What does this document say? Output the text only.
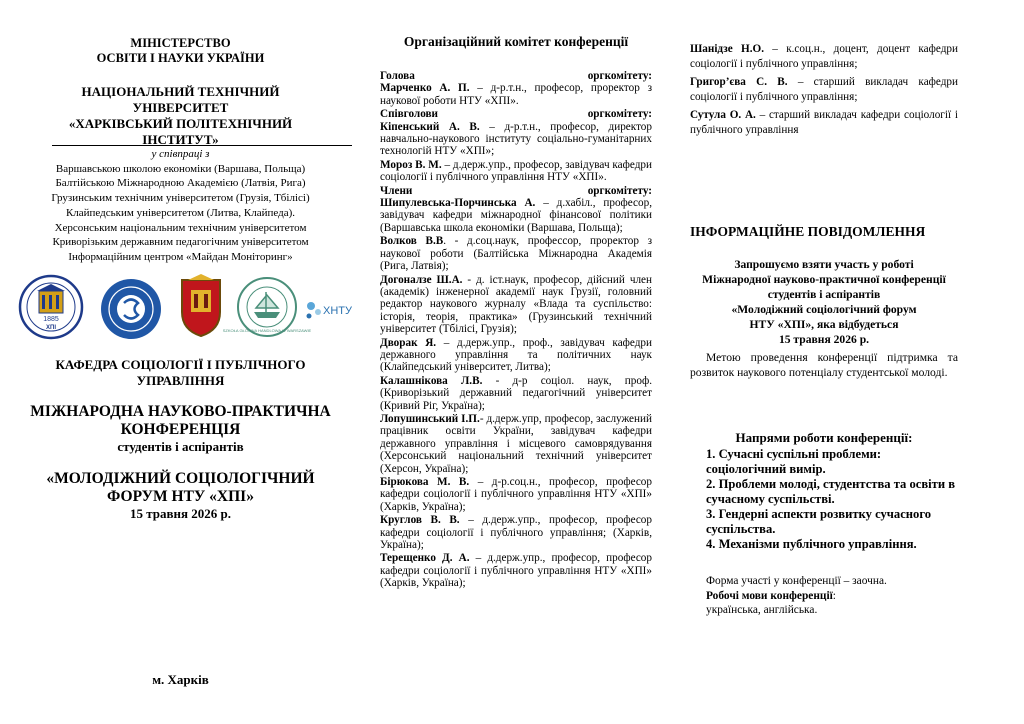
МІНІСТЕРСТВО
ОСВІТИ І НАУКИ УКРАЇНИ
НАЦІОНАЛЬНИЙ ТЕХНІЧНИЙ
УНІВЕРСИТЕТ
«ХАРКІВСЬКИЙ ПОЛІТЕХНІЧНИЙ
ІНСТИТУТ»
у співпраці з
Варшавською школою економіки (Варшава, Польща)
Балтійською Міжнародною Академією (Латвія, Рига)
Грузинським технічним університетом (Грузія, Тбілісі)
Клайпедським університетом (Литва, Клайпеда).
Херсонським національним технічним університетом
Криворізьким державним педагогічним університетом
Інформаційним центром «Майдан Моніторинг»
1885
ХПІ	SZKOŁA GŁÓWNA HANDLOWA W WARSZAWIE
ХНТУ
КАФЕДРА СОЦІОЛОГІЇ І ПУБЛІЧНОГО
УПРАВЛІННЯ
МІЖНАРОДНА НАУКОВО-ПРАКТИЧНА
КОНФЕРЕНЦІЯ
студентів і аспірантів
«МОЛОДІЖНИЙ СОЦІОЛОГІЧНИЙ
ФОРУМ НТУ «ХПІ»
15 травня 2026 р.
м. Харків
Організаційний комітет конференції
Голова	оргкомітету:

Марченко А. П. – д-р.т.н., професор, проректор з наукової роботи НТУ «ХПІ».

Співголови	оргкомітету:

Кіпенський А. В. – д-р.т.н., професор, директор навчально-наукового інституту соціально-гуманітарних технологій НТУ «ХПІ»;

Мороз В. М. – д.держ.упр., професор, завідувач кафедри соціології і публічного управління НТУ «ХПІ».

Члени	оргкомітету:

Шипулевська-Порчинська А. – д.хабіл., професор, завідувач кафедри міжнародної фінансової політики (Варшавська школа економіки (Варшава, Польща);

Волков В.В. - д.соц.наук, профессор, проректор з наукової роботи (Балтійська Міжнародна Академія (Рига, Латвія);

Догоналзе Ш.А. - д. іст.наук, професор, дійсний член (академік) інженерної академії наук Грузії, головний редактор наукового журналу «Влада та суспільство: історія, теорія, практика» (Грузинський технічний університет (Тбілісі, Грузія);

Дворак Я. – д.держ.упр., проф., завідувач кафедри державного управління та політичних наук (Клайпедський університет, Литва);

Калашнікова Л.В. - д-р соціол. наук, проф. (Криворізький державний педагогічний університет (Кривий Ріг, Україна);

Лопушинський І.П.- д.держ.упр, професор, заслужений працівник освіти України, завідувач кафедри державного управління і місцевого самоврядування (Херсонський національний технічний університет (Херсон, Україна);

Бірюкова М. В. – д-р.соц.н., професор, професор кафедри соціології і публічного управління НТУ «ХПІ» (Харків, Україна);

Круглов В. В. – д.держ.упр., професор, професор кафедри соціології і публічного управління; (Харків, Україна);

Терещенко Д. А. – д.держ.упр., професор, професор кафедри соціології і публічного управління НТУ «ХПІ» (Харків, Україна);

Шанідзе Н.О. – к.соц.н., доцент, доцент кафедри соціології і публічного управління;

Григор’єва С. В. – старший викладач кафедри соціології і публічного управління;

Сутула О. А. – старший викладач кафедри соціології і публічного управління

ІНФОРМАЦІЙНЕ ПОВІДОМЛЕННЯ
Запрошуємо взяти участь у роботі
Міжнародної науково-практичної конференції
студентів і аспірантів
«Молодіжний соціологічний форум
НТУ «ХПІ», яка відбудеться
15 травня 2026 р.
Метою проведення конференції підтримка та розвиток наукового потенціалу студентської молоді.
Напрями роботи конференції:
1. Сучасні суспільні проблеми: соціологічний вимір.
2. Проблеми молоді, студентства та освіти в сучасному суспільстві.
3. Гендерні аспекти розвитку сучасного суспільства.
4. Механізми публічного управління.
Форма участі у конференції – заочна.
Робочі мови конференції:
українська, англійська.
